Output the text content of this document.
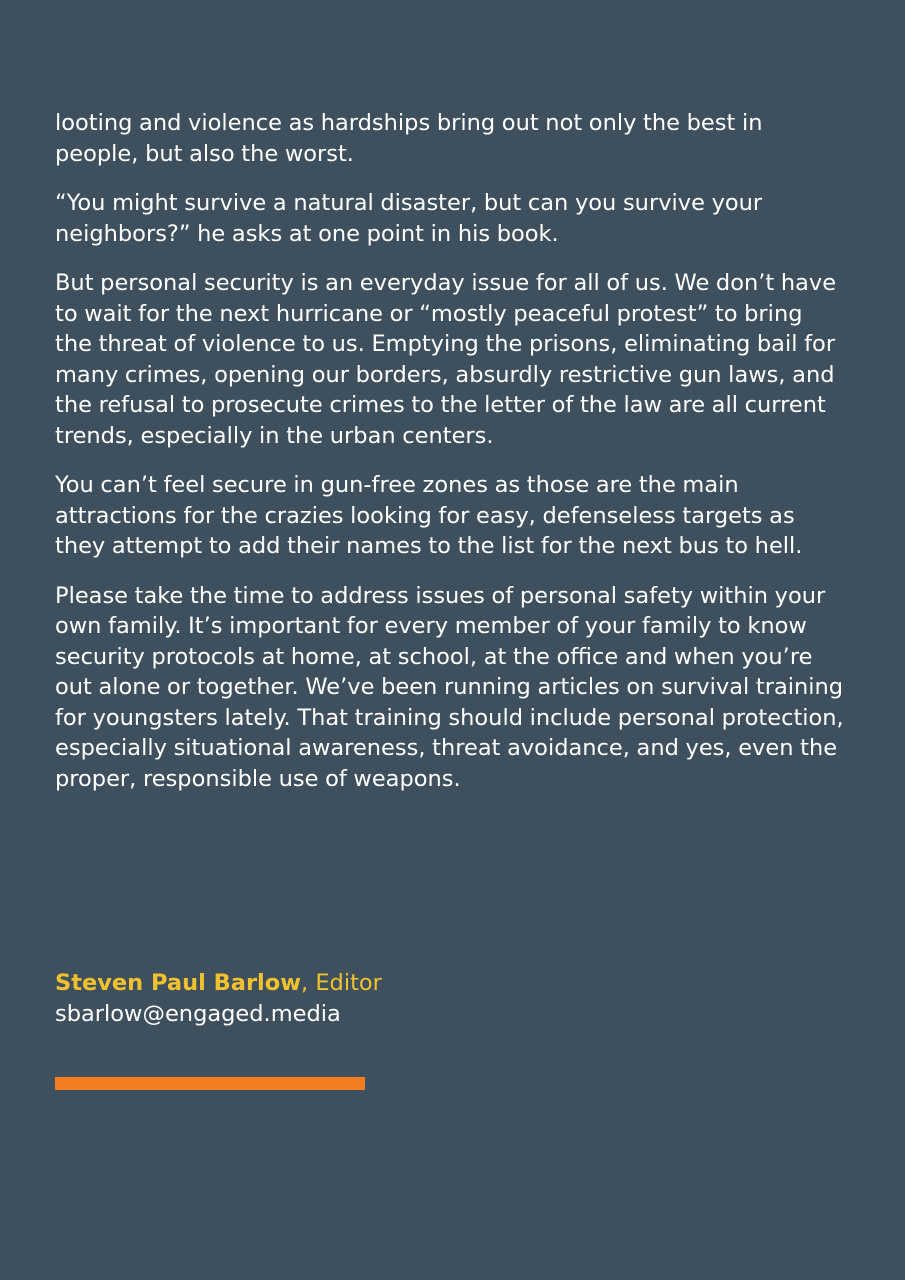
looting and violence as hardships bring out not only the best in people, but also the worst.

“You might survive a natural disaster, but can you survive your neighbors?” he asks at one point in his book.

But personal security is an everyday issue for all of us. We don’t have to wait for the next hurricane or “mostly peaceful protest” to bring the threat of violence to us. Emptying the prisons, eliminating bail for many crimes, opening our borders, absurdly restrictive gun laws, and the refusal to prosecute crimes to the letter of the law are all current trends, especially in the urban centers.

You can’t feel secure in gun-free zones as those are the main attractions for the crazies looking for easy, defenseless targets as they attempt to add their names to the list for the next bus to hell.

Please take the time to address issues of personal safety within your own family. It’s important for every member of your family to know security protocols at home, at school, at the office and when you’re out alone or together. We’ve been running articles on survival training for youngsters lately. That training should include personal protection, especially situational awareness, threat avoidance, and yes, even the proper, responsible use of weapons.

Steven Paul Barlow, Editor

sbarlow@engaged.media
